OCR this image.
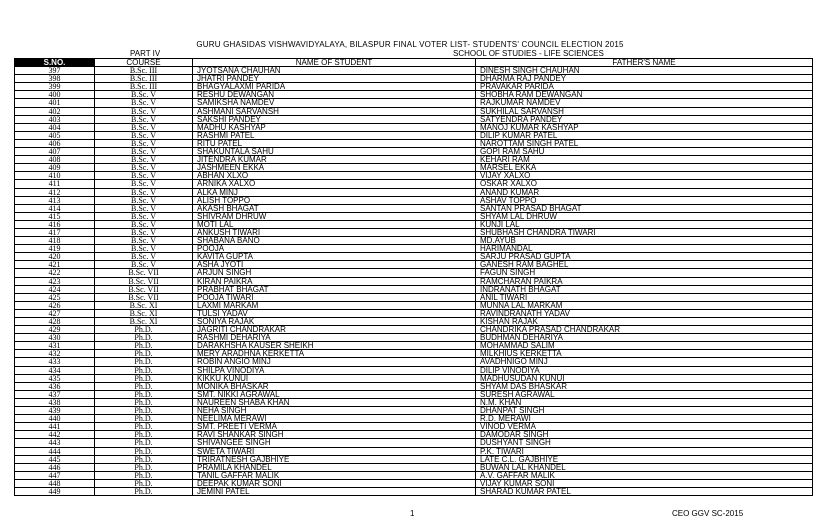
GURU GHASIDAS VISHWAVIDYALAYA, BILASPUR FINAL VOTER LIST- STUDENTS' COUNCIL ELECTION 2015
PART IV	SCHOOL OF STUDIES - LIFE SCIENCES
S.NO.	COURSE	NAME OF STUDENT	FATHER'S NAME
397	B.Sc. III	JYOTSANA CHAUHAN	DINESH SINGH CHAUHAN
398	B.Sc. III	JHATRI PANDEY	DHARMA RAJ PANDEY
399	B.Sc. III	BHAGYALAXMI PARIDA	PRAVAKAR PARIDA
400	B.Sc. V	RESHU DEWANGAN	SHOBHA RAM DEWANGAN
401	B.Sc. V	SAMIKSHA NAMDEV	RAJKUMAR NAMDEV
402	B.Sc. V	ASHMANI SARVANSH	SUKHILAL SARVANSH
403	B.Sc. V	SAKSHI PANDEY	SATYENDRA PANDEY
404	B.Sc. V	MADHU KASHYAP	MANOJ KUMAR KASHYAP
405	B.Sc. V	RASHMI PATEL	DILIP KUMAR PATEL
406	B.Sc. V	RITU PATEL	NAROTTAM SINGH PATEL
407	B.Sc. V	SHAKUNTALA SAHU	GOPI RAM SAHU
408	B.Sc. V	JITENDRA KUMAR	KEHARI RAM
409	B.Sc. V	JASHMEEN EKKA	MARSEL EKKA
410	B.Sc. V	ABHAN XLXO	VIJAY XALXO
411	B.Sc. V	ARNIKA XALXO	OSKAR XALXO
412	B.Sc. V	ALKA MINJ	ANAND KUMAR
413	B.Sc. V	ALISH TOPPO	ASHAV TOPPO
414	B.Sc. V	AKASH BHAGAT	SANTAN PRASAD BHAGAT
415	B.Sc. V	SHIVRAM DHRUW	SHYAM LAL DHRUW
416	B.Sc. V	MOTI LAL	KUNJI LAL
417	B.Sc. V	ANKUSH TIWARI	SHUBHASH CHANDRA TIWARI
418	B.Sc. V	SHABANA BANO	MD.AYUB
419	B.Sc. V	POOJA	HARIMANDAL
420	B.Sc. V	KAVITA GUPTA	SARJU PRASAD GUPTA
421	B.Sc. V	ASHA JYOTI	GANESH RAM BAGHEL
422	B.Sc. VII	ARJUN SINGH	FAGUN SINGH
423	B.Sc. VII	KIRAN PAIKRA	RAMCHARAN PAIKRA
424	B.Sc. VII	PRABHAT BHAGAT	INDRANATH BHAGAT
425	B.Sc. VII	POOJA TIWARI	ANIL TIWARI
426	B.Sc. XI	LAXMI MARKAM	MUNNA LAL MARKAM
427	B.Sc. XI	TULSI YADAV	RAVINDRANATH YADAV
428	B.Sc. XI	SONIYA RAJAK	KISHAN RAJAK
429	Ph.D.	JAGRITI CHANDRAKAR	CHANDRIKA PRASAD CHANDRAKAR
430	Ph.D.	RASHMI DEHARIYA	BUDHMAN DEHARIYA
431	Ph.D.	DARAKHSHA KAUSER SHEIKH	MOHAMMAD SALIM
432	Ph.D.	MERY ARADHNA KERKETTA	MILKHIUS KERKETTA
433	Ph.D.	ROBIN ANGIO MINJ	AVADHNIGO MINJ
434	Ph.D.	SHILPA VINODIYA	DILIP VINODIYA
435	Ph.D.	KIKKU KUNUI	MADHUSUDAN KUNUI
436	Ph.D.	MONIKA BHASKAR	SHYAM DAS BHASKAR
437	Ph.D.	SMT. NIKKI AGRAWAL	SURESH AGRAWAL
438	Ph.D.	NAUREEN SHABA KHAN	N.M. KHAN
439	Ph.D.	NEHA SINGH	DHANPAT SINGH
440	Ph.D.	NEELIMA MERAWI	R.D. MERAWI
441	Ph.D.	SMT. PREETI VERMA	VINOD VERMA
442	Ph.D.	RAVI SHANKAR SINGH	DAMODAR SINGH
443	Ph.D.	SHIVANGEE SINGH	DUSHYANT SINGH
444	Ph.D.	SWETA TIWARI	P.K. TIWARI
445	Ph.D.	TRIRATNESH GAJBHIYE	LATE C.L. GAJBHIYE
446	Ph.D.	PRAMILA KHANDEL	BUWAN LAL KHANDEL
447	Ph.D.	TANIL GAFFAR MALIK	A.V. GAFFAR MALIK
448	Ph.D.	DEEPAK KUMAR SONI	VIJAY KUMAR SONI
449	Ph.D.	JEMINI PATEL	SHARAD KUMAR PATEL
1	CEO GGV SC-2015
